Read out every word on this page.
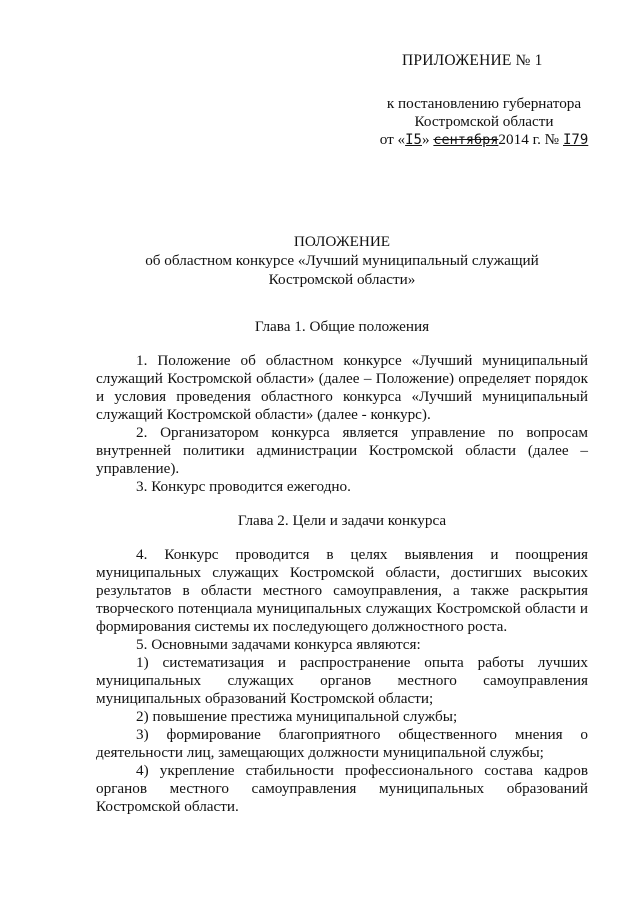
ПРИЛОЖЕНИЕ № 1
к постановлению губернатора
Костромской области
от «I5» сентября2014 г. № I79
ПОЛОЖЕНИЕ
об областном конкурсе «Лучший муниципальный служащий
Костромской области»
Глава 1. Общие положения

1. Положение об областном конкурсе «Лучший муниципальный служащий Костромской области» (далее – Положение) определяет порядок и условия проведения областного конкурса «Лучший муниципальный служащий Костромской области» (далее - конкурс).

2. Организатором конкурса является управление по вопросам внутренней политики администрации Костромской области (далее – управление).

3. Конкурс проводится ежегодно.

Глава 2. Цели и задачи конкурса

4. Конкурс проводится в целях выявления и поощрения муниципальных служащих Костромской области, достигших высоких результатов в области местного самоуправления, а также раскрытия творческого потенциала муниципальных служащих Костромской области и формирования системы их последующего должностного роста.

5. Основными задачами конкурса являются:

1) систематизация и распространение опыта работы лучших муниципальных служащих органов местного самоуправления муниципальных образований Костромской области;

2) повышение престижа муниципальной службы;

3) формирование благоприятного общественного мнения о деятельности лиц, замещающих должности муниципальной службы;

4) укрепление стабильности профессионального состава кадров органов местного самоуправления муниципальных образований Костромской области.
